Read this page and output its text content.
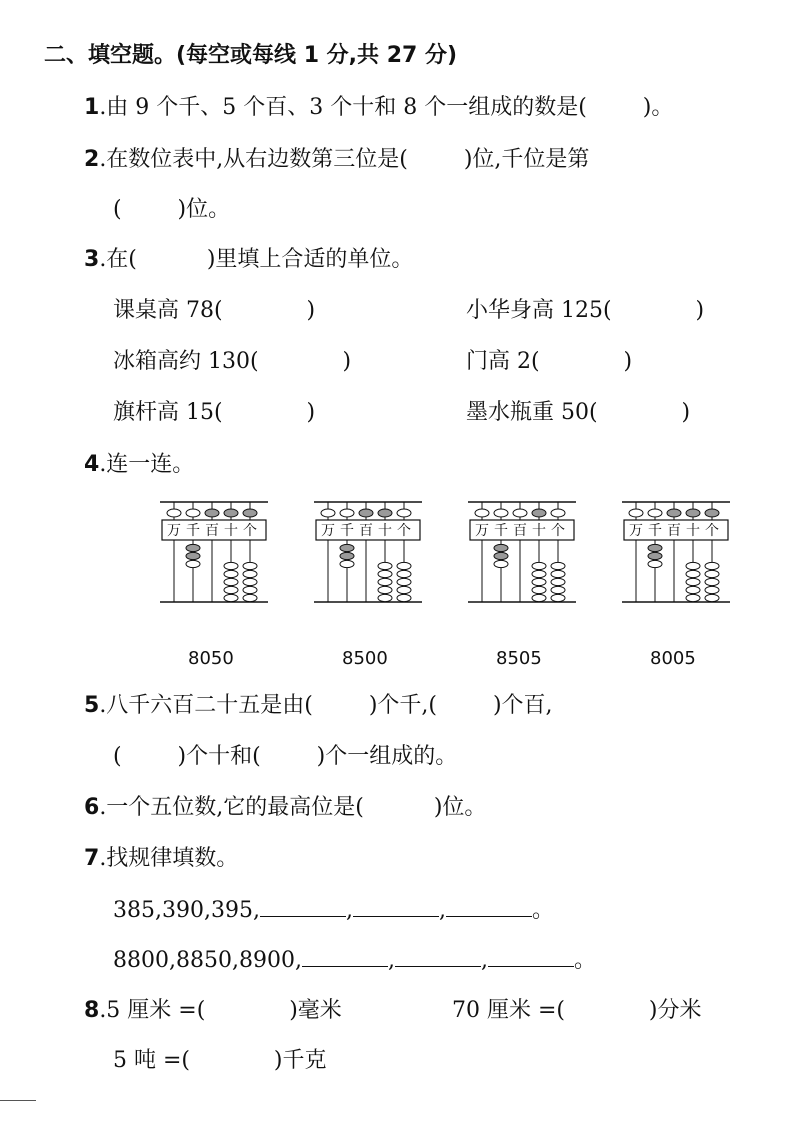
二、填空题。(每空或每线 1 分,共 27 分)
1.由 9 个千、5 个百、3 个十和 8 个一组成的数是(        )。
2.在数位表中,从右边数第三位是(        )位,千位是第
(        )位。
3.在(          )里填上合适的单位。
课桌高 78(            )	小华身高 125(            )
冰箱高约 130(            )	门高 2(            )
旗杆高 15(            )	墨水瓶重 50(            )
4.连一连。
万 千 百 十 个	万 千 百 十 个	万 千 百 十 个	万 千 百 十 个
8050	8500	8505	8005
5.八千六百二十五是由(        )个千,(        )个百,
(        )个十和(        )个一组成的。
6.一个五位数,它的最高位是(          )位。
7.找规律填数。
385,390,395,	,	,	。
8800,8850,8900,	,	,	。
8.5 厘米 =(            )毫米	70 厘米 =(            )分米
5 吨 =(            )千克
